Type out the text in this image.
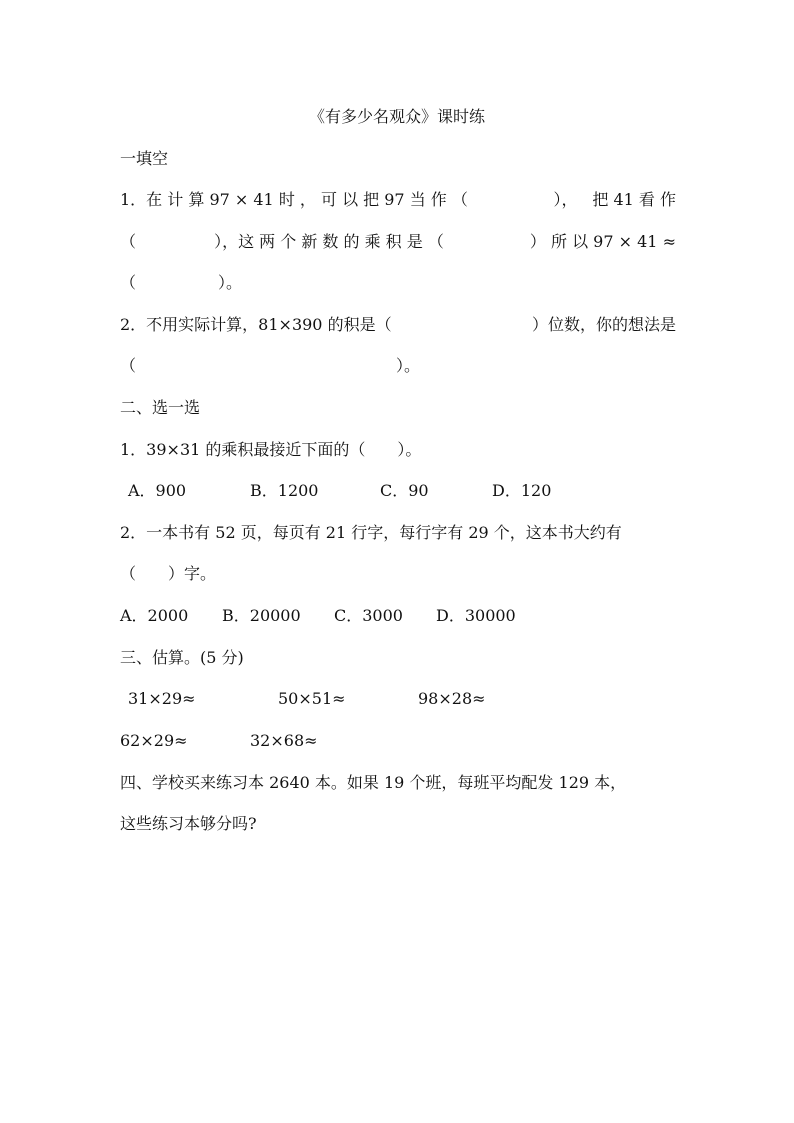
《有多少名观众》课时练
一填空
1．在 计 算 97 × 41 时 ， 可 以 把 97 当 作 （	）， 把 41 看 作
（	），这 两 个 新 数 的 乘 积 是 （	） 所 以 97 × 41 ≈
（	）。
2．不用实际计算，81×390 的积是（	）位数，你的想法是
（	）。
二、选一选
1．39×31 的乘积最接近下面的（　　）。
A．900	B．1200	C．90	D．120
2．一本书有 52 页，每页有 21 行字，每行字有 29 个，这本书大约有
（　　）字。
A．2000 B．20000 C．3000 D．30000
三、估算。(5 分)
31×29≈	50×51≈	98×28≈
62×29≈	32×68≈
四、学校买来练习本 2640 本。如果 19 个班，每班平均配发 129 本，
这些练习本够分吗?
